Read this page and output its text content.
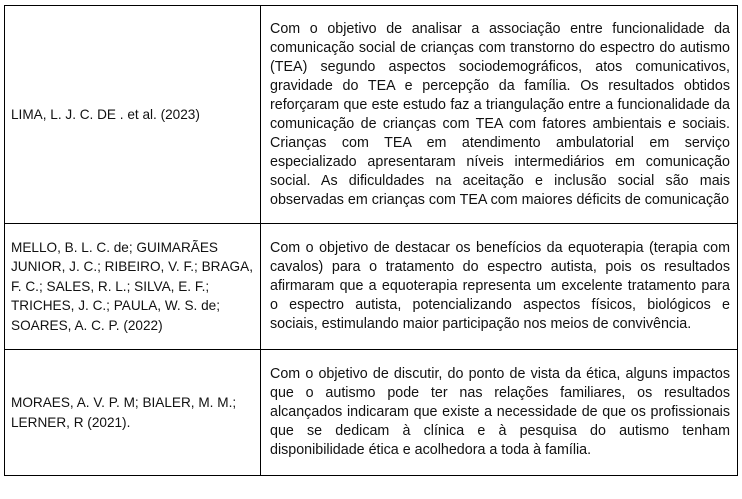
LIMA, L. J. C. DE . et al. (2023)	Com o objetivo de analisar a associação entre funcionalidade da comunicação social de crianças com transtorno do espectro do autismo (TEA) segundo aspectos sociodemográficos, atos comunicativos, gravidade do TEA e percepção da família. Os resultados obtidos reforçaram que este estudo faz a triangulação entre a funcionalidade da comunicação de crianças com TEA com fatores ambientais e sociais. Crianças com TEA em atendimento ambulatorial em serviço especializado apresentaram níveis intermediários em comunicação social. As dificuldades na aceitação e inclusão social são mais observadas em crianças com TEA com maiores déficits de comunicação
MELLO, B. L. C. de; GUIMARÃES JUNIOR, J. C.; RIBEIRO, V. F.; BRAGA, F. C.; SALES, R. L.; SILVA, E. F.; TRICHES, J. C.; PAULA, W. S. de; SOARES, A. C. P. (2022)	Com o objetivo de destacar os benefícios da equoterapia (terapia com cavalos) para o tratamento do espectro autista, pois os resultados afirmaram que a equoterapia representa um excelente tratamento para o espectro autista, potencializando aspectos físicos, biológicos e sociais, estimulando maior participação nos meios de convivência.
MORAES, A. V. P. M; BIALER, M. M.; LERNER, R (2021).	Com o objetivo de discutir, do ponto de vista da ética, alguns impactos que o autismo pode ter nas relações familiares, os resultados alcançados indicaram que existe a necessidade de que os profissionais que se dedicam à clínica e à pesquisa do autismo tenham disponibilidade ética e acolhedora a toda à família.
